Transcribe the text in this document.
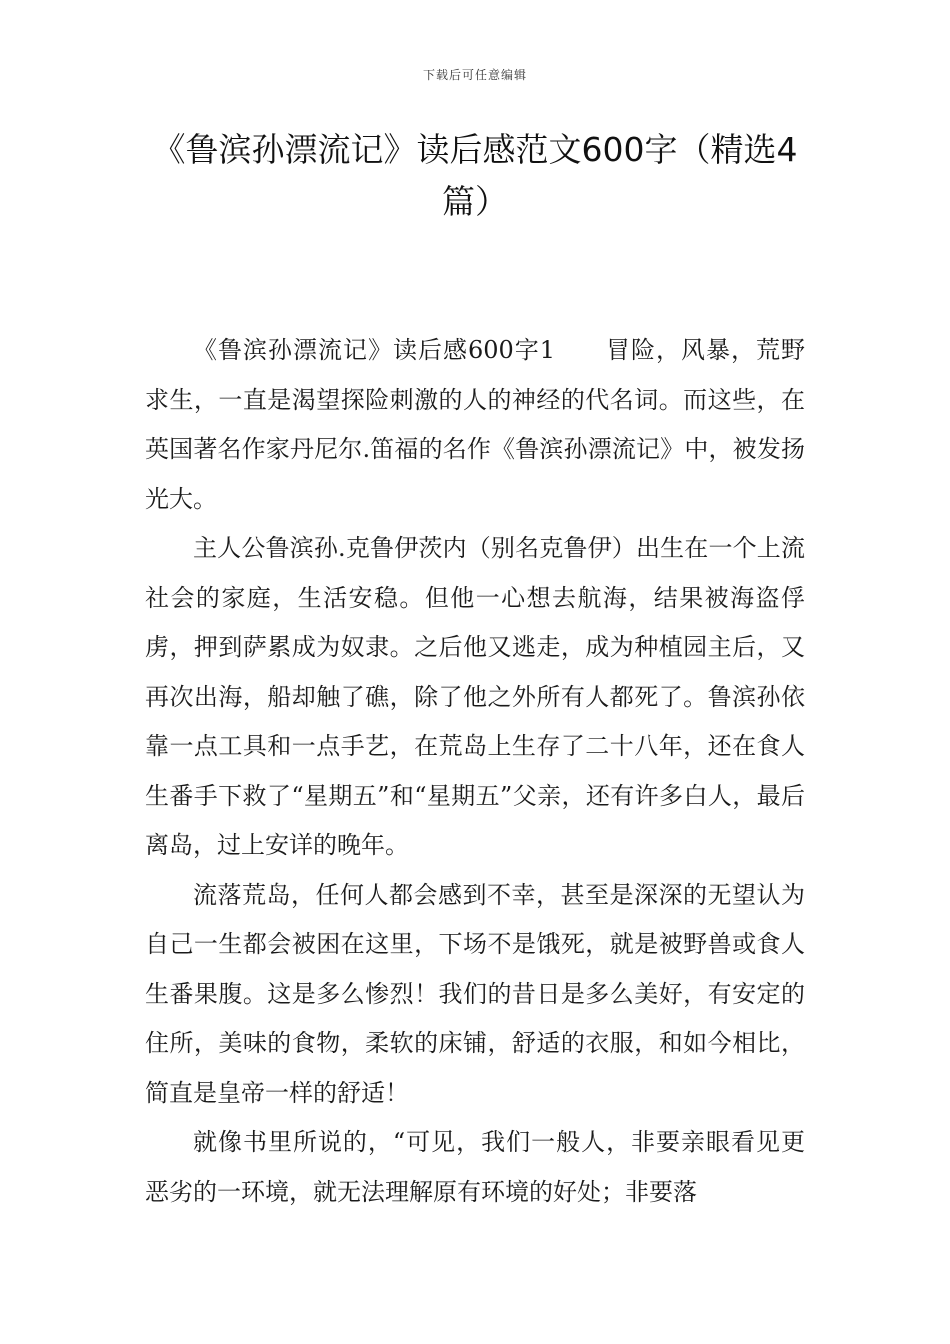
下载后可任意编辑
《鲁滨孙漂流记》读后感范文600字（精选4篇）

《鲁滨孙漂流记》读后感600字1　　冒险，风暴，荒野求生，一直是渴望探险刺激的人的神经的代名词。而这些，在英国著名作家丹尼尔.笛福的名作《鲁滨孙漂流记》中，被发扬光大。

主人公鲁滨孙.克鲁伊茨内（别名克鲁伊）出生在一个上流社会的家庭，生活安稳。但他一心想去航海，结果被海盗俘虏，押到萨累成为奴隶。之后他又逃走，成为种植园主后，又再次出海，船却触了礁，除了他之外所有人都死了。鲁滨孙依靠一点工具和一点手艺，在荒岛上生存了二十八年，还在食人生番手下救了“星期五”和“星期五”父亲，还有许多白人，最后离岛，过上安详的晚年。

流落荒岛，任何人都会感到不幸，甚至是深深的无望认为自己一生都会被困在这里，下场不是饿死，就是被野兽或食人生番果腹。这是多么惨烈！我们的昔日是多么美好，有安定的住所，美味的食物，柔软的床铺，舒适的衣服，和如今相比，简直是皇帝一样的舒适！

就像书里所说的，“可见，我们一般人，非要亲眼看见更恶劣的一环境，就无法理解原有环境的好处；非要落
